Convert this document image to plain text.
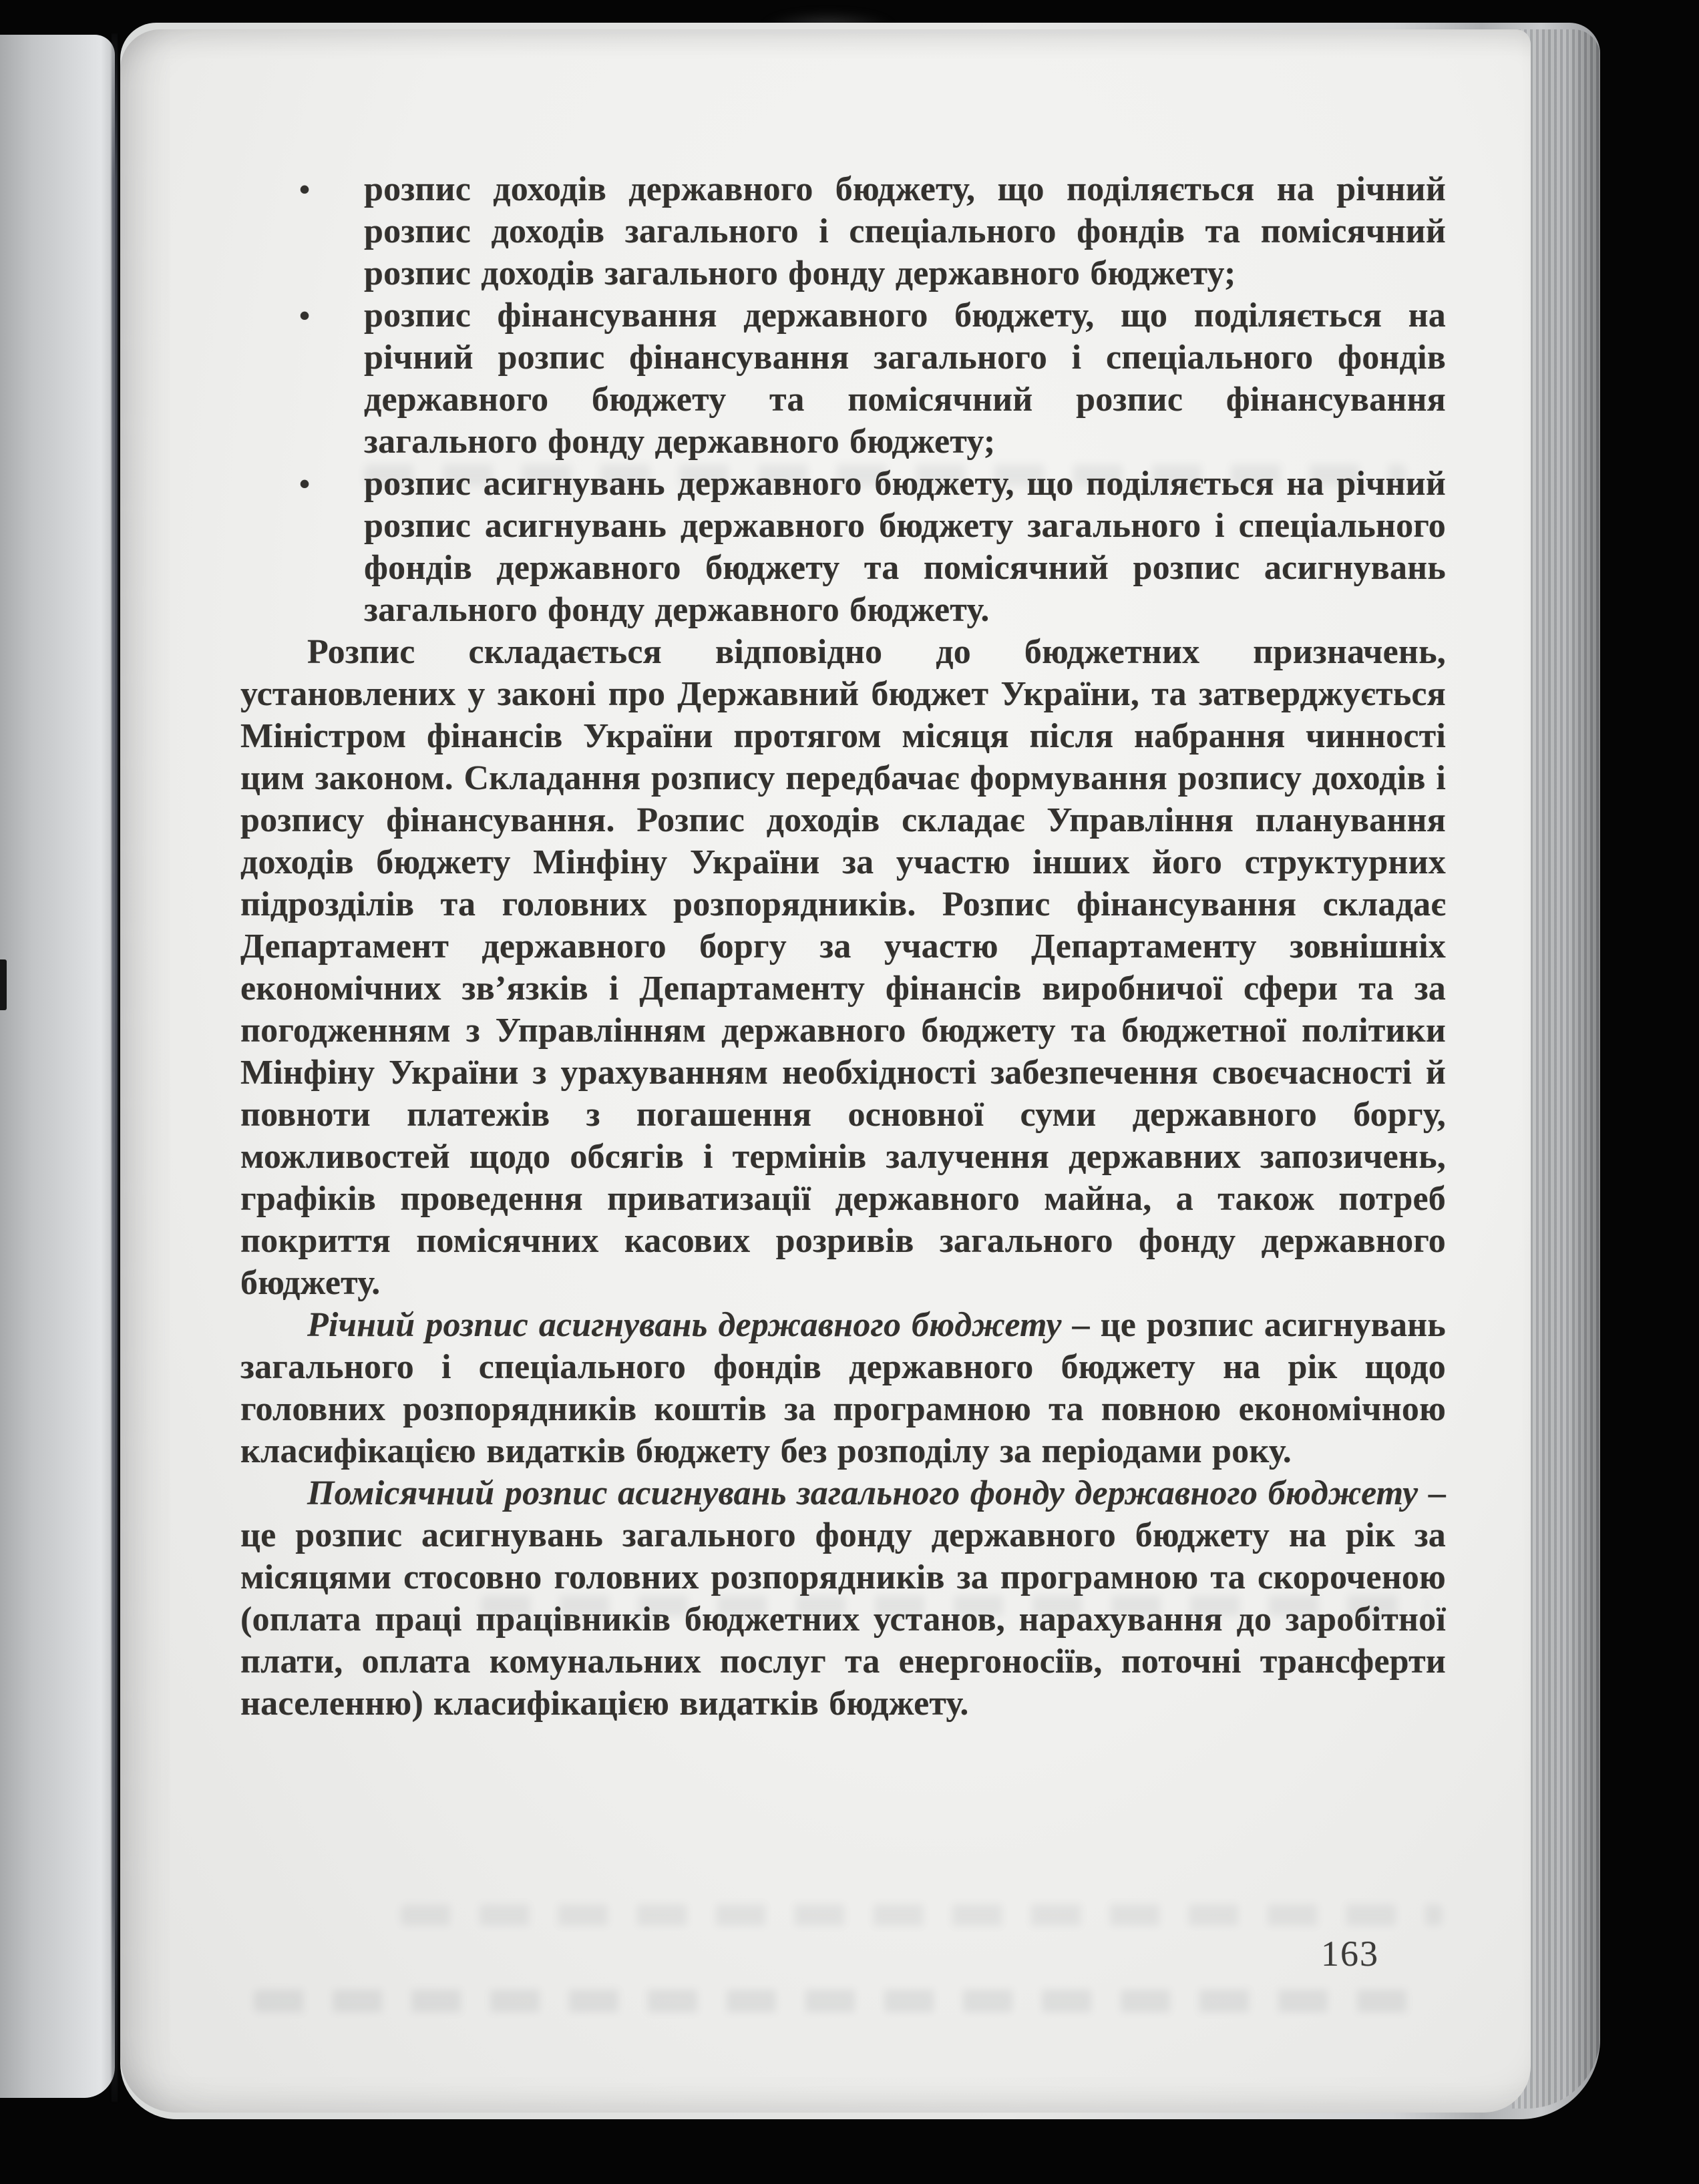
• розпис доходів державного бюджету, що поділяється на річний розпис доходів загального і спеціального фондів та помісячний розпис доходів загального фонду державного бюджету;
• розпис фінансування державного бюджету, що поділяється на річний розпис фінансування загального і спеціального фондів державного бюджету та помісячний розпис фінансування загального фонду державного бюджету;
• розпис асигнувань державного бюджету, що поділяється на річний розпис асигнувань державного бюджету загального і спеціального фондів державного бюджету та помісячний розпис асигнувань загального фонду державного бюджету.

Розпис складається відповідно до бюджетних призначень, установлених у законі про Державний бюджет України, та затверджується Міністром фінансів України протягом місяця після набрання чинності цим законом. Складання розпису передбачає формування розпису доходів і розпису фінансування. Розпис доходів складає Управління планування доходів бюджету Мінфіну України за участю інших його структурних підрозділів та головних розпорядників. Розпис фінансування складає Департамент державного боргу за участю Департаменту зовнішніх економічних зв’язків і Департаменту фінансів виробничої сфери та за погодженням з Управлінням державного бюджету та бюджетної політики Мінфіну України з урахуванням необхідності забезпечення своєчасності й повноти платежів з погашення основної суми державного боргу, можливостей щодо обсягів і термінів залучення державних запозичень, графіків проведення приватизації державного майна, а також потреб покриття помісячних касових розривів загального фонду державного бюджету.

Річний розпис асигнувань державного бюджету – це розпис асигнувань загального і спеціального фондів державного бюджету на рік щодо головних розпорядників коштів за програмною та повною економічною класифікацією видатків бюджету без розподілу за періодами року.

Помісячний розпис асигнувань загального фонду державного бюджету – це розпис асигнувань загального фонду державного бюджету на рік за місяцями стосовно головних розпорядників за програмною та скороченою (оплата праці працівників бюджетних установ, нарахування до заробітної плати, оплата комунальних послуг та енергоносіїв, поточні трансферти населенню) класифікацією видатків бюджету.

163
